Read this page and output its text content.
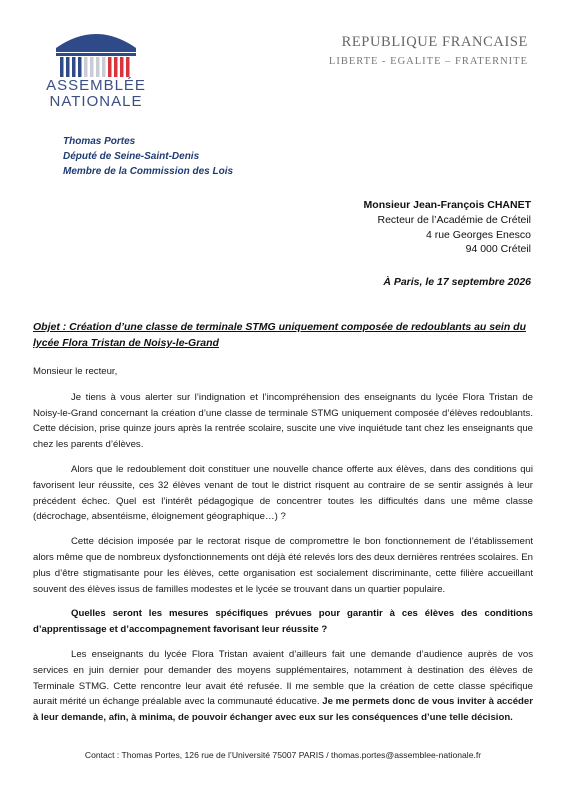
ASSEMBLÉE
NATIONALE
REPUBLIQUE FRANCAISE
LIBERTE - EGALITE – FRATERNITE
Thomas Portes
Député de Seine-Saint-Denis
Membre de la Commission des Lois
Monsieur Jean-François CHANET
Recteur de l’Académie de Créteil
4 rue Georges Enesco
94 000 Créteil
À Paris, le 17 septembre 2026
Objet : Création d’une classe de terminale STMG uniquement composée de redoublants au sein du lycée Flora Tristan de Noisy-le-Grand

Monsieur le recteur,

Je tiens à vous alerter sur l’indignation et l’incompréhension des enseignants du lycée Flora Tristan de Noisy-le-Grand concernant la création d’une classe de terminale STMG uniquement composée d’élèves redoublants. Cette décision, prise quinze jours après la rentrée scolaire, suscite une vive inquiétude tant chez les enseignants que chez les parents d’élèves.

Alors que le redoublement doit constituer une nouvelle chance offerte aux élèves, dans des conditions qui favorisent leur réussite, ces 32 élèves venant de tout le district risquent au contraire de se sentir assignés à leur précédent échec. Quel est l’intérêt pédagogique de concentrer toutes les difficultés dans une même classe (décrochage, absentéisme, éloignement géographique…) ?

Cette décision imposée par le rectorat risque de compromettre le bon fonctionnement de l’établissement alors même que de nombreux dysfonctionnements ont déjà été relevés lors des deux dernières rentrées scolaires. En plus d’être stigmatisante pour les élèves, cette organisation est socialement discriminante, cette filière accueillant souvent des élèves issus de familles modestes et le lycée se trouvant dans un quartier populaire.

Quelles seront les mesures spécifiques prévues pour garantir à ces élèves des conditions d’apprentissage et d’accompagnement favorisant leur réussite ?

Les enseignants du lycée Flora Tristan avaient d’ailleurs fait une demande d’audience auprès de vos services en juin dernier pour demander des moyens supplémentaires, notamment à destination des élèves de Terminale STMG. Cette rencontre leur avait été refusée. Il me semble que la création de cette classe spécifique aurait mérité un échange préalable avec la communauté éducative. Je me permets donc de vous inviter à accéder à leur demande, afin, à minima, de pouvoir échanger avec eux sur les conséquences d’une telle décision.

Contact : Thomas Portes, 126 rue de l’Université 75007 PARIS / thomas.portes@assemblee-nationale.fr
